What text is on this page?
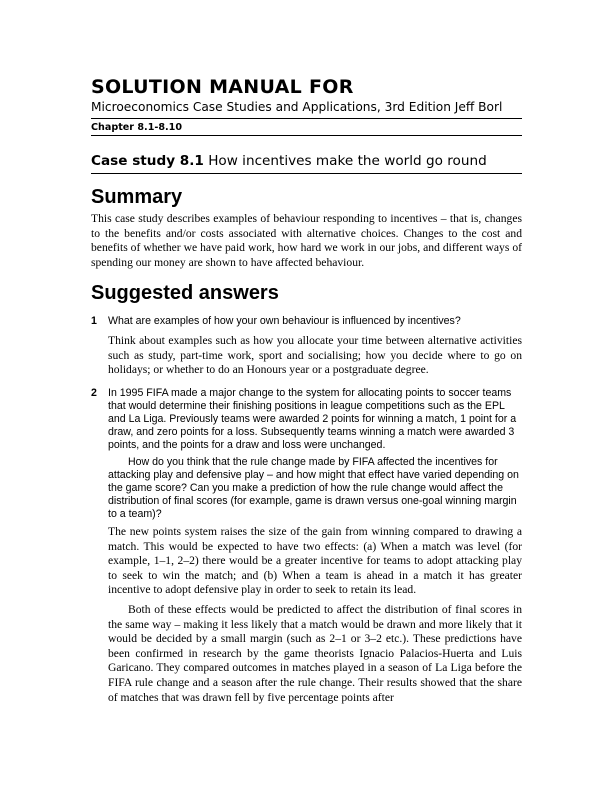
SOLUTION MANUAL FOR
Microeconomics Case Studies and Applications, 3rd Edition Jeff Borl
Chapter 8.1-8.10
Case study 8.1 How incentives make the world go round
Summary

This case study describes examples of behaviour responding to incentives – that is, changes to the benefits and/or costs associated with alternative choices. Changes to the cost and benefits of whether we have paid work, how hard we work in our jobs, and different ways of spending our money are shown to have affected behaviour.

Suggested answers
1 What are examples of how your own behaviour is influenced by incentives?

Think about examples such as how you allocate your time between alternative activities such as study, part-time work, sport and socialising; how you decide where to go on holidays; or whether to do an Honours year or a postgraduate degree.

2 In 1995 FIFA made a major change to the system for allocating points to soccer teams that would determine their finishing positions in league competitions such as the EPL and La Liga. Previously teams were awarded 2 points for winning a match, 1 point for a draw, and zero points for a loss. Subsequently teams winning a match were awarded 3 points, and the points for a draw and loss were unchanged.

How do you think that the rule change made by FIFA affected the incentives for attacking play and defensive play – and how might that effect have varied depending on the game score? Can you make a prediction of how the rule change would affect the distribution of final scores (for example, game is drawn versus one-goal winning margin to a team)?

The new points system raises the size of the gain from winning compared to drawing a match. This would be expected to have two effects: (a) When a match was level (for example, 1–1, 2–2) there would be a greater incentive for teams to adopt attacking play to seek to win the match; and (b) When a team is ahead in a match it has greater incentive to adopt defensive play in order to seek to retain its lead.

Both of these effects would be predicted to affect the distribution of final scores in the same way – making it less likely that a match would be drawn and more likely that it would be decided by a small margin (such as 2–1 or 3–2 etc.). These predictions have been confirmed in research by the game theorists Ignacio Palacios-Huerta and Luis Garicano. They compared outcomes in matches played in a season of La Liga before the FIFA rule change and a season after the rule change. Their results showed that the share of matches that was drawn fell by five percentage points after
